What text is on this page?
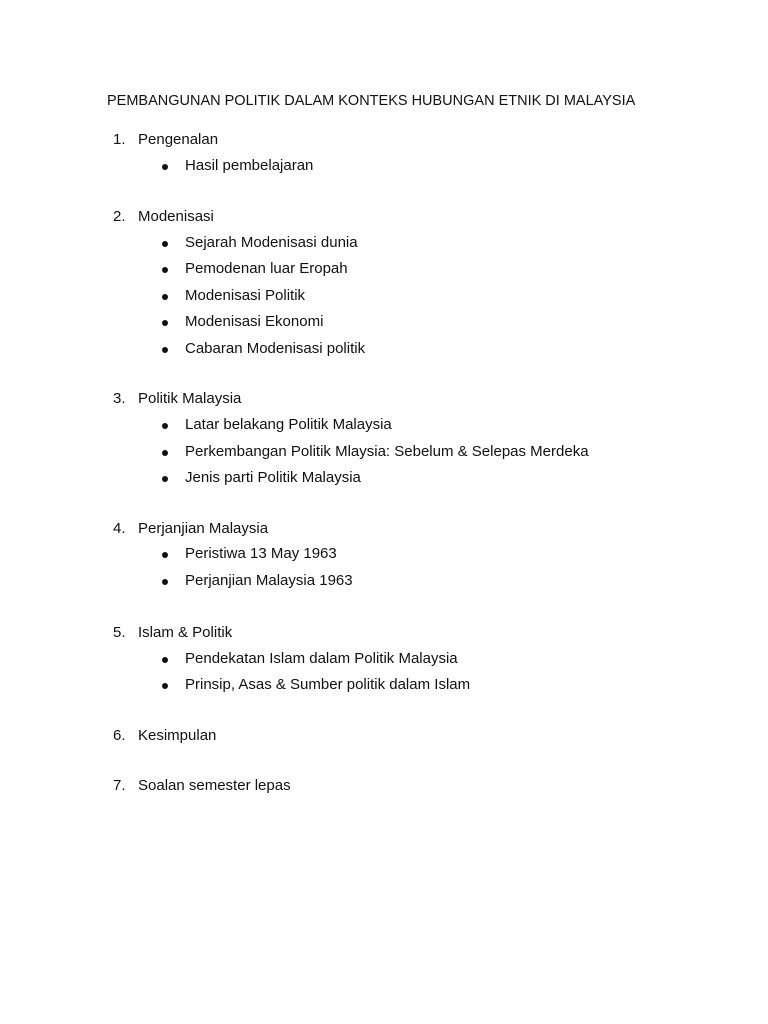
PEMBANGUNAN POLITIK DALAM KONTEKS HUBUNGAN ETNIK DI MALAYSIA
1. Pengenalan
Hasil pembelajaran
2. Modenisasi
Sejarah Modenisasi dunia
Pemodenan luar Eropah
Modenisasi Politik
Modenisasi Ekonomi
Cabaran Modenisasi politik
3. Politik Malaysia
Latar belakang Politik Malaysia
Perkembangan Politik Mlaysia: Sebelum & Selepas Merdeka
Jenis parti Politik Malaysia
4. Perjanjian Malaysia
Peristiwa 13 May 1963
Perjanjian Malaysia 1963
5. Islam & Politik
Pendekatan Islam dalam Politik Malaysia
Prinsip, Asas & Sumber politik dalam Islam
6. Kesimpulan
7. Soalan semester lepas
